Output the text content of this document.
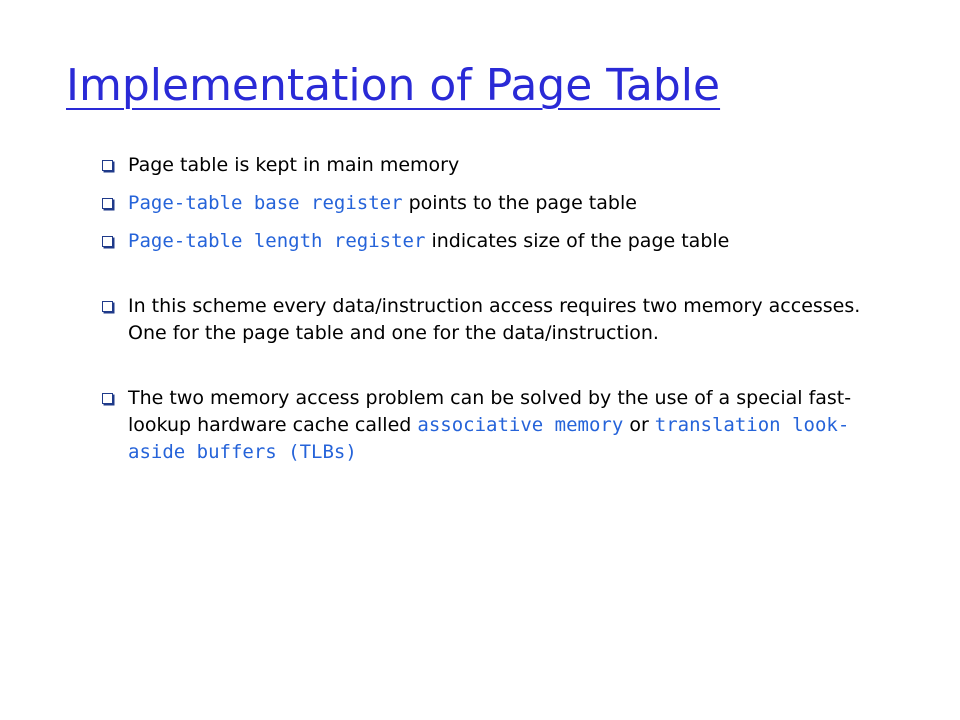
Implementation of Page Table
Page table is kept in main memory
Page-table base register points to the page table
Page-table length register indicates size of the page table
In this scheme every data/instruction access requires two memory accesses. One for the page table and one for the data/instruction.
The two memory access problem can be solved by the use of a special fast-lookup hardware cache called associative memory or translation look-aside buffers (TLBs)
